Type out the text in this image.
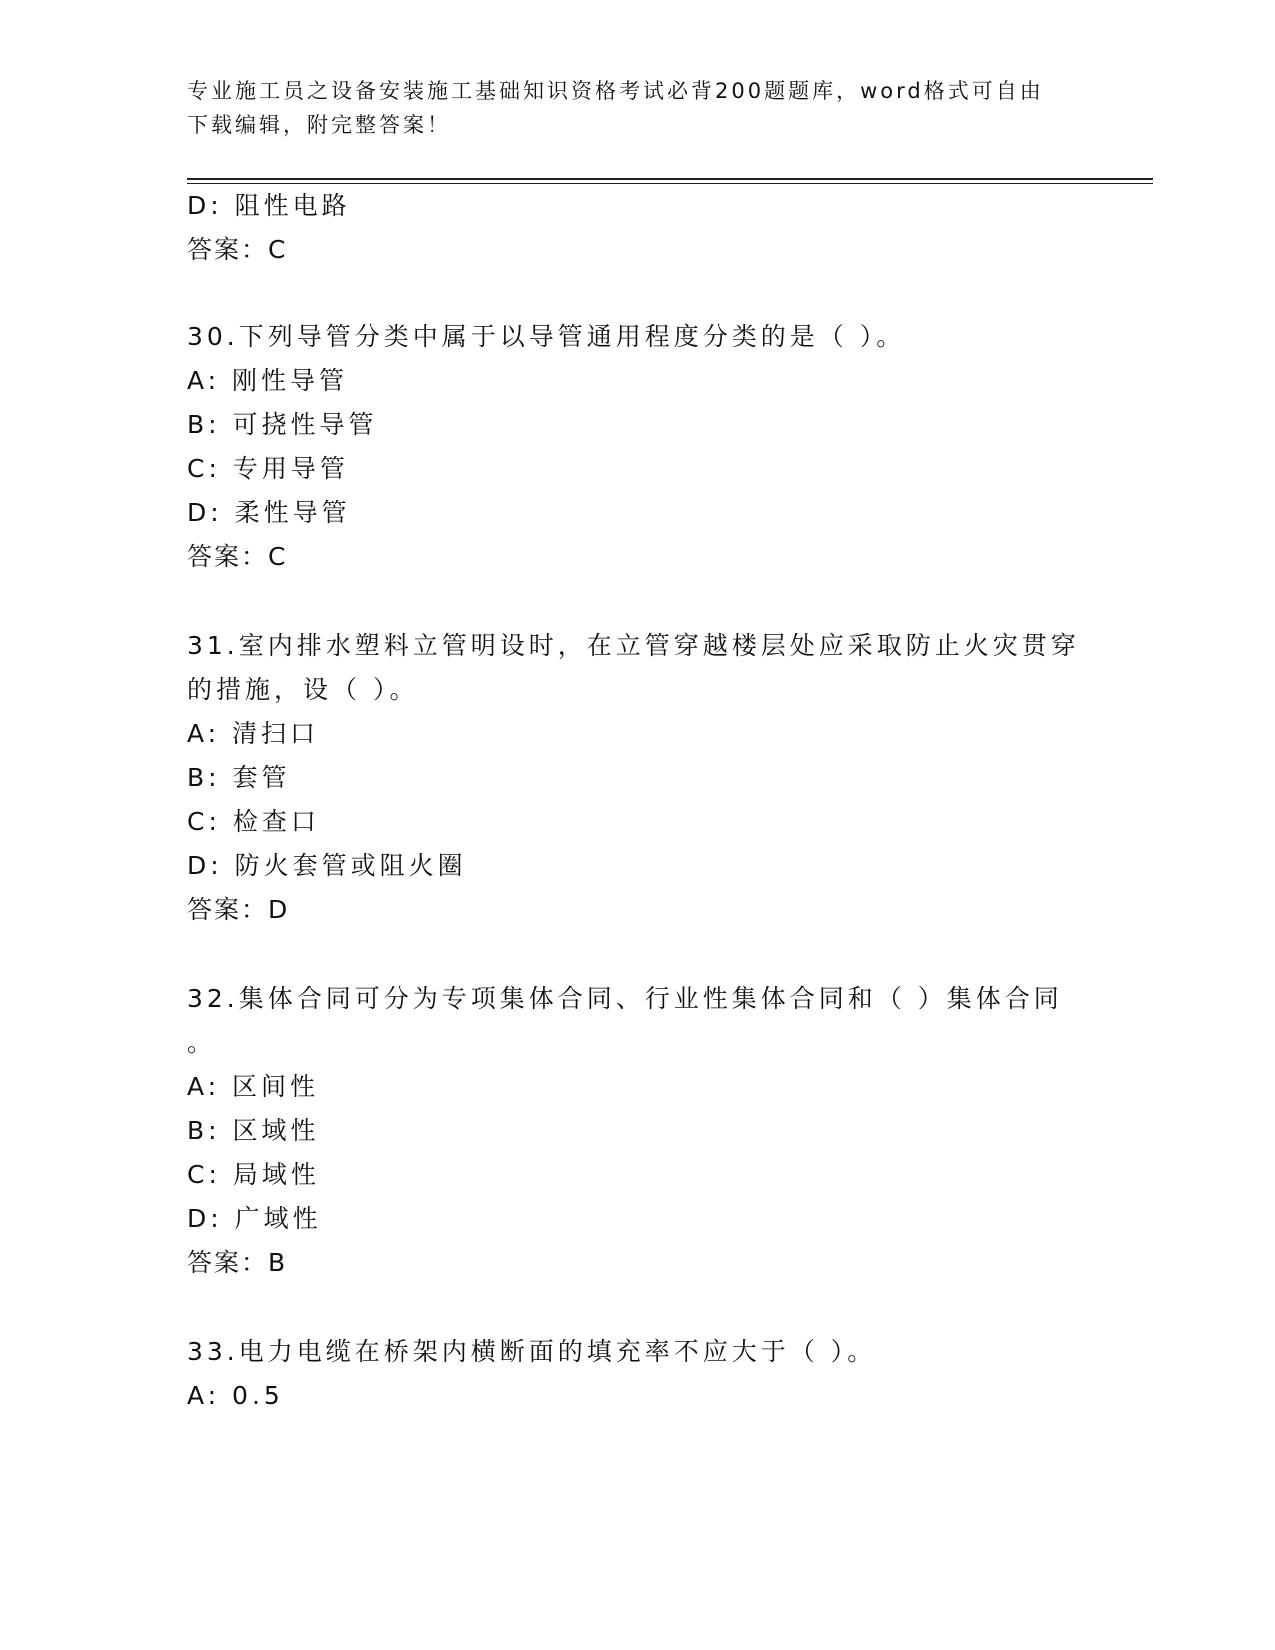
专业施工员之设备安装施工基础知识资格考试必背200题题库，word格式可自由
下载编辑，附完整答案！
D: 阻性电路
答案：C
30.下列导管分类中属于以导管通用程度分类的是（ ）。
A: 刚性导管
B: 可挠性导管
C: 专用导管
D: 柔性导管
答案：C
31.室内排水塑料立管明设时，在立管穿越楼层处应采取防止火灾贯穿
的措施，设（ ）。
A: 清扫口
B: 套管
C: 检查口
D: 防火套管或阻火圈
答案：D
32.集体合同可分为专项集体合同、行业性集体合同和（ ）集体合同
。
A: 区间性
B: 区域性
C: 局域性
D: 广域性
答案：B
33.电力电缆在桥架内横断面的填充率不应大于（ ）。
A: 0.5
